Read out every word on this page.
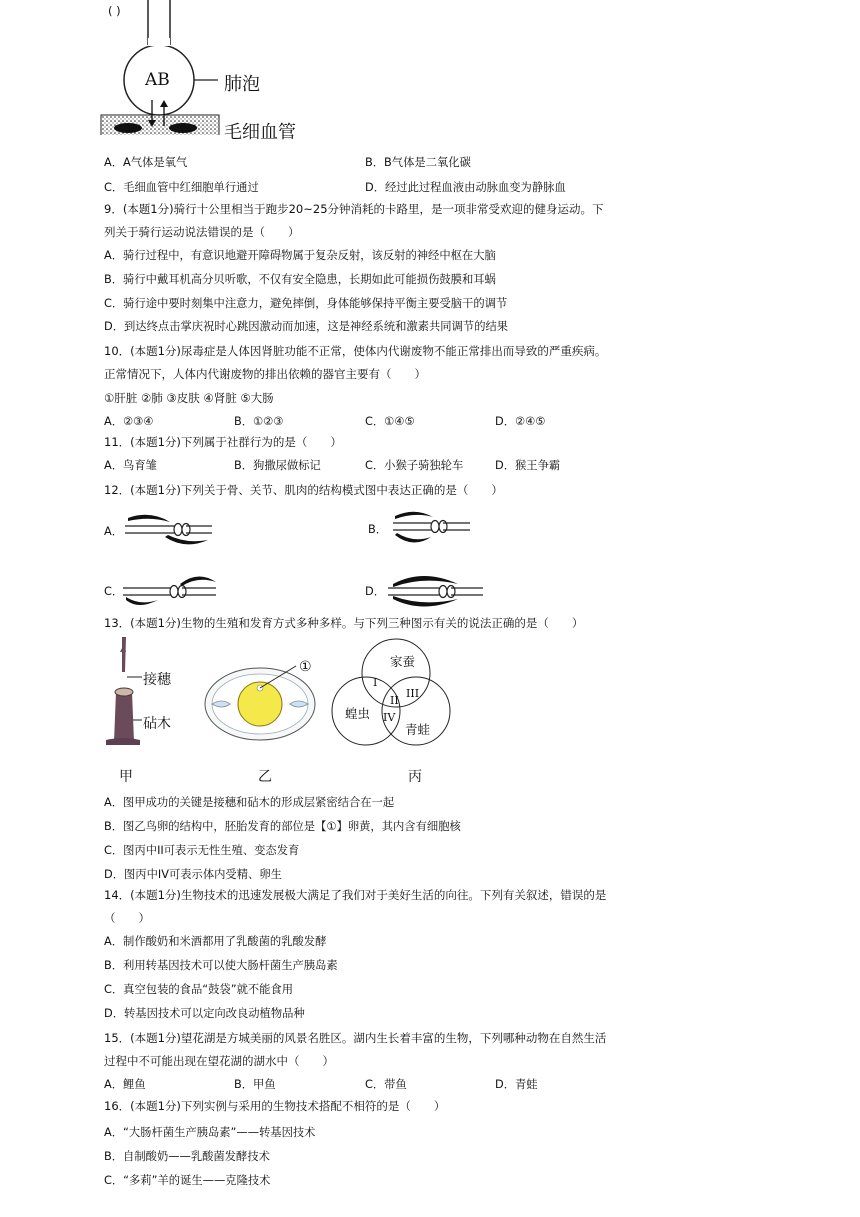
( )
AB	肺泡
毛细血管
A．A气体是氧气	B．B气体是二氧化碳
C．毛细血管中红细胞单行通过	D．经过此过程血液由动脉血变为静脉血
9．(本题1分)骑行十公里相当于跑步20~25分钟消耗的卡路里，是一项非常受欢迎的健身运动。下
列关于骑行运动说法错误的是（　　）
A．骑行过程中，有意识地避开障碍物属于复杂反射，该反射的神经中枢在大脑
B．骑行中戴耳机高分贝听歌，不仅有安全隐患，长期如此可能损伤鼓膜和耳蜗
C．骑行途中要时刻集中注意力，避免摔倒，身体能够保持平衡主要受脑干的调节
D．到达终点击掌庆祝时心跳因激动而加速，这是神经系统和激素共同调节的结果
10．(本题1分)尿毒症是人体因肾脏功能不正常，使体内代谢废物不能正常排出而导致的严重疾病。
正常情况下，人体内代谢废物的排出依赖的器官主要有（　　）
①肝脏 ②肺 ③皮肤 ④肾脏 ⑤大肠
A．②③④	B．①②③	C．①④⑤	D．②④⑤
11．(本题1分)下列属于社群行为的是（　　）
A．鸟育雏	B．狗撒尿做标记	C．小猴子骑独轮车	D．猴王争霸
12．(本题1分)下列关于骨、关节、肌肉的结构模式图中表达正确的是（　　）
A．	B．
C．	D．
13．(本题1分)生物的生殖和发育方式多种多样。与下列三种图示有关的说法正确的是（　　）
接穗
砧木
①	家蚕
蝗虫
青蛙
I
II
III
IV
甲	乙	丙
A．图甲成功的关键是接穗和砧木的形成层紧密结合在一起
B．图乙鸟卵的结构中，胚胎发育的部位是【①】卵黄，其内含有细胞核
C．图丙中II可表示无性生殖、变态发育
D．图丙中IV可表示体内受精、卵生
14．(本题1分)生物技术的迅速发展极大满足了我们对于美好生活的向往。下列有关叙述，错误的是
（　　）
A．制作酸奶和米酒都用了乳酸菌的乳酸发酵
B．利用转基因技术可以使大肠杆菌生产胰岛素
C．真空包装的食品“鼓袋”就不能食用
D．转基因技术可以定向改良动植物品种
15．(本题1分)望花湖是方城美丽的风景名胜区。湖内生长着丰富的生物，下列哪种动物在自然生活
过程中不可能出现在望花湖的湖水中（　　）
A．鲤鱼	B．甲鱼	C．带鱼	D．青蛙
16．(本题1分)下列实例与采用的生物技术搭配不相符的是（　　）
A．“大肠杆菌生产胰岛素”——转基因技术
B．自制酸奶——乳酸菌发酵技术
C．“多莉”羊的诞生——克隆技术
